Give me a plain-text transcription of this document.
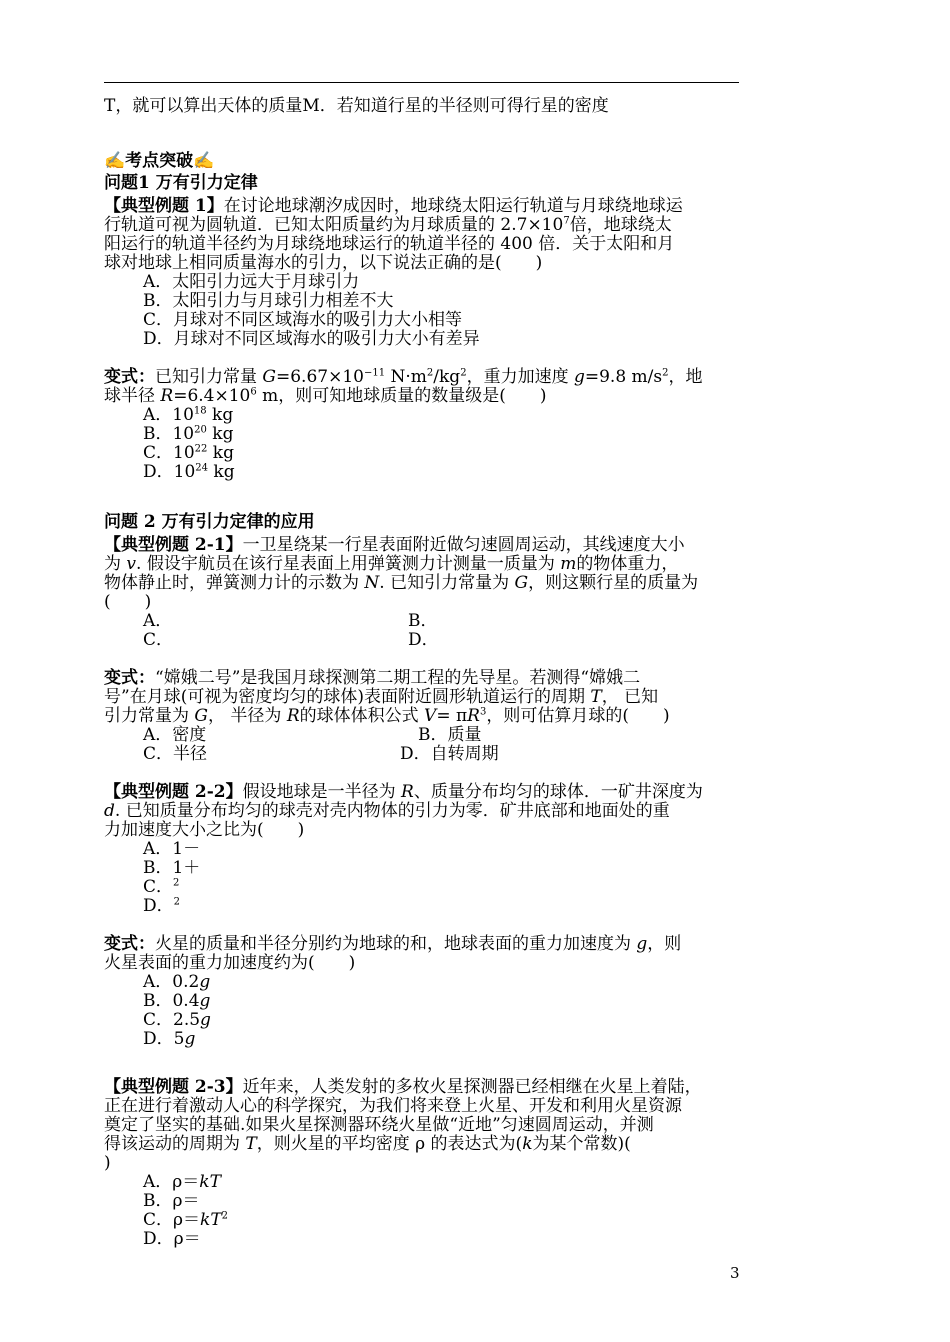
T，就可以算出天体的质量M．若知道行星的半径则可得行星的密度
✍考点突破✍
问题1 万有引力定律
【典型例题 1】在讨论地球潮汐成因时，地球绕太阳运行轨道与月球绕地球运
行轨道可视为圆轨道．已知太阳质量约为月球质量的 $2.7\times 10^7$倍，地球绕太
阳运行的轨道半径约为月球绕地球运行的轨道半径的 400 倍．关于太阳和月
球对地球上相同质量海水的引力，以下说法正确的是(　　)
A．太阳引力远大于月球引力
B．太阳引力与月球引力相差不大
C．月球对不同区域海水的吸引力大小相等
D．月球对不同区域海水的吸引力大小有差异
变式：已知引力常量 $G=6.67\times 10^{-11}$ $N\cdot m^2/kg^2$，重力加速度 g=9.8 $m/s^2$，地
球半径 $R=6.4\times 10^6$ m，则可知地球质量的数量级是(　　)
A．$10^{18}$ kg
B．$10^{20}$ kg
C．$10^{22}$ kg
D．$10^{24}$ kg
问题 2 万有引力定律的应用
【典型例题 2-1】一卫星绕某一行星表面附近做匀速圆周运动，其线速度大小
为 v. 假设宇航员在该行星表面上用弹簧测力计测量一质量为 m的物体重力，
物体静止时，弹簧测力计的示数为 N. 已知引力常量为 G，则这颗行星的质量为
(　　)
A．	B．
C．	D．
变式：“嫦娥二号”是我国月球探测第二期工程的先导星。若测得“嫦娥二
号”在月球(可视为密度均匀的球体)表面附近圆形轨道运行的周期 T， 已知
引力常量为 G， 半径为 R的球体体积公式 $V= \pi R^3$，则可估算月球的(　　)
A．密度	B．质量
C．半径	D．自转周期
【典型例题 2-2】假设地球是一半径为 R、质量分布均匀的球体．一矿井深度为
d. 已知质量分布均匀的球壳对壳内物体的引力为零．矿井底部和地面处的重
力加速度大小之比为(　　)
A．1－
B．1＋
C．$^2$
D．$^2$
变式：火星的质量和半径分别约为地球的和，地球表面的重力加速度为 g，则
火星表面的重力加速度约为(　　)
A．0.2g
B．0.4g
C．2.5g
D．5g
【典型例题 2-3】近年来，人类发射的多枚火星探测器已经相继在火星上着陆，
正在进行着激动人心的科学探究，为我们将来登上火星、开发和利用火星资源
奠定了坚实的基础.如果火星探测器环绕火星做“近地”匀速圆周运动，并测
得该运动的周期为 T，则火星的平均密度 ρ 的表达式为(k为某个常数)(
)
A．ρ＝kT
B．ρ＝
C．$\rho=kT^2$
D．ρ＝
3
